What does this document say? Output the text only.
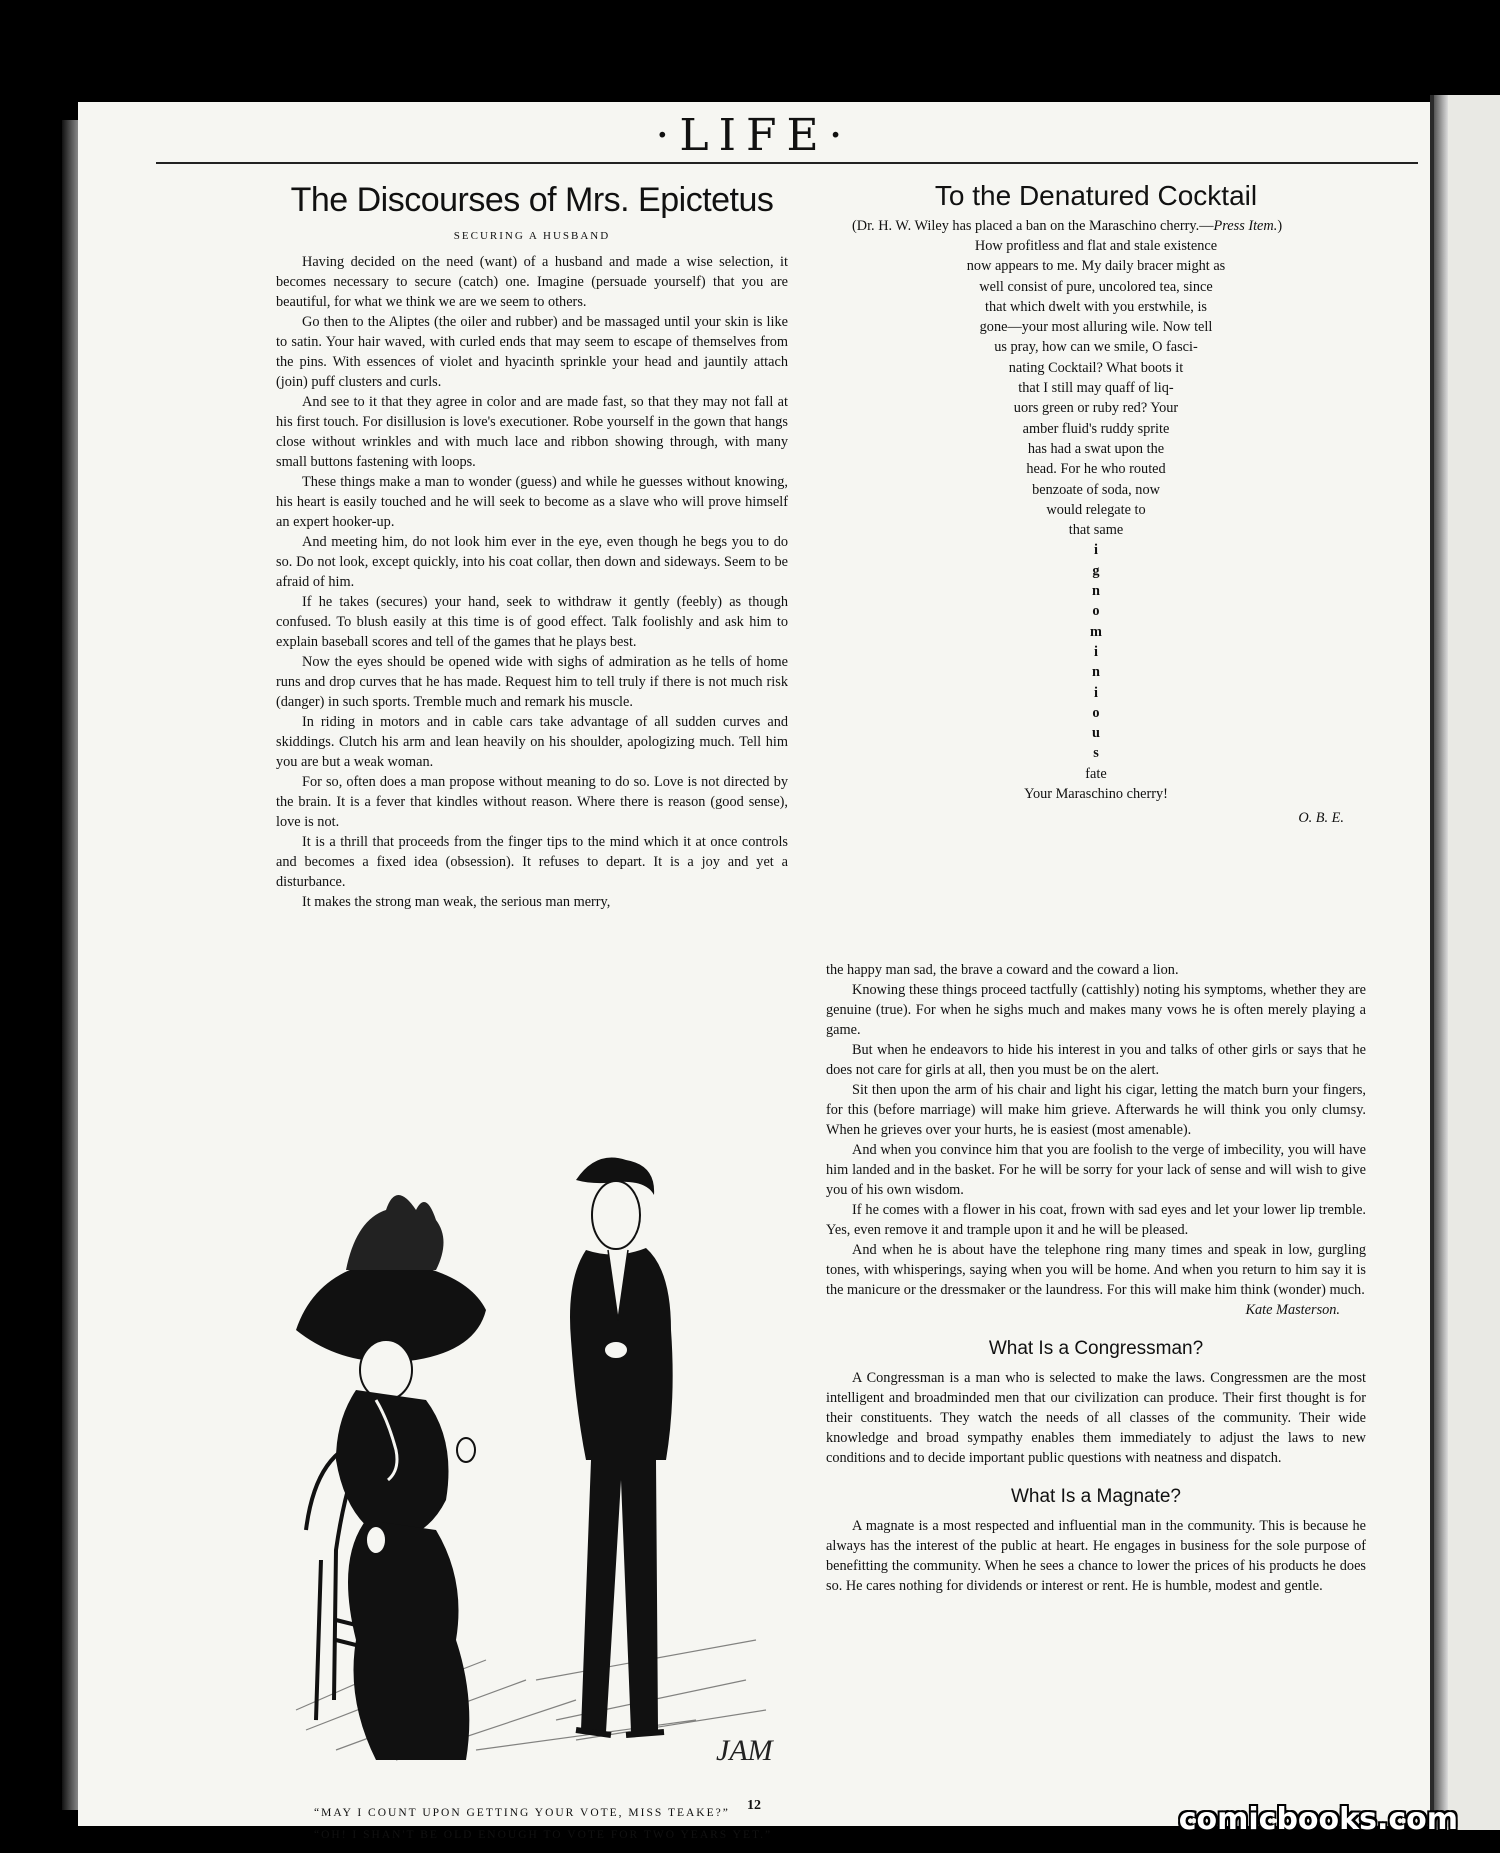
·LIFE·
The Discourses of Mrs. Epictetus
SECURING A HUSBAND

Having decided on the need (want) of a husband and made a wise selection, it becomes necessary to secure (catch) one. Imagine (persuade yourself) that you are beautiful, for what we think we are we seem to others.

Go then to the Aliptes (the oiler and rubber) and be massaged until your skin is like to satin. Your hair waved, with curled ends that may seem to escape of themselves from the pins. With essences of violet and hyacinth sprinkle your head and jauntily attach (join) puff clusters and curls.

And see to it that they agree in color and are made fast, so that they may not fall at his first touch. For disillusion is love's executioner. Robe yourself in the gown that hangs close without wrinkles and with much lace and ribbon showing through, with many small buttons fastening with loops.

These things make a man to wonder (guess) and while he guesses without knowing, his heart is easily touched and he will seek to become as a slave who will prove himself an expert hooker-up.

And meeting him, do not look him ever in the eye, even though he begs you to do so. Do not look, except quickly, into his coat collar, then down and sideways. Seem to be afraid of him.

If he takes (secures) your hand, seek to withdraw it gently (feebly) as though confused. To blush easily at this time is of good effect. Talk foolishly and ask him to explain baseball scores and tell of the games that he plays best.

Now the eyes should be opened wide with sighs of admiration as he tells of home runs and drop curves that he has made. Request him to tell truly if there is not much risk (danger) in such sports. Tremble much and remark his muscle.

In riding in motors and in cable cars take advantage of all sudden curves and skiddings. Clutch his arm and lean heavily on his shoulder, apologizing much. Tell him you are but a weak woman.

For so, often does a man propose without meaning to do so. Love is not directed by the brain. It is a fever that kindles without reason. Where there is reason (good sense), love is not.

It is a thrill that proceeds from the finger tips to the mind which it at once controls and becomes a fixed idea (obsession). It refuses to depart. It is a joy and yet a disturbance.

It makes the strong man weak, the serious man merry,

JAM

“MAY I COUNT UPON GETTING YOUR VOTE, MISS TEAKE?”

“OH! I SHAN'T BE OLD ENOUGH TO VOTE FOR TWO YEARS YET.”

To the Denatured Cocktail

(Dr. H. W. Wiley has placed a ban on the Maraschino cherry.—Press Item.)

How profitless and flat and stale existence
now appears to me. My daily bracer might as
well consist of pure, uncolored tea, since
that which dwelt with you erstwhile, is
gone—your most alluring wile. Now tell
us pray, how can we smile, O fasci-
nating Cocktail? What boots it
that I still may quaff of liq-
uors green or ruby red? Your
amber fluid's ruddy sprite
has had a swat upon the
head. For he who routed
benzoate of soda, now
would relegate to
that same
i
g
n
o
m
i
n
i
o
u
s
fate
Your Maraschino cherry!

O. B. E.

the happy man sad, the brave a coward and the coward a lion.

Knowing these things proceed tactfully (cattishly) noting his symptoms, whether they are genuine (true). For when he sighs much and makes many vows he is often merely playing a game.

But when he endeavors to hide his interest in you and talks of other girls or says that he does not care for girls at all, then you must be on the alert.

Sit then upon the arm of his chair and light his cigar, letting the match burn your fingers, for this (before marriage) will make him grieve. Afterwards he will think you only clumsy. When he grieves over your hurts, he is easiest (most amenable).

And when you convince him that you are foolish to the verge of imbecility, you will have him landed and in the basket. For he will be sorry for your lack of sense and will wish to give you of his own wisdom.

If he comes with a flower in his coat, frown with sad eyes and let your lower lip tremble. Yes, even remove it and trample upon it and he will be pleased.

And when he is about have the telephone ring many times and speak in low, gurgling tones, with whisperings, saying when you will be home. And when you return to him say it is the manicure or the dressmaker or the laundress. For this will make him think (wonder) much.

Kate Masterson.

What Is a Congressman?

A Congressman is a man who is selected to make the laws. Congressmen are the most intelligent and broadminded men that our civilization can produce. Their first thought is for their constituents. They watch the needs of all classes of the community. Their wide knowledge and broad sympathy enables them immediately to adjust the laws to new conditions and to decide important public questions with neatness and dispatch.

What Is a Magnate?

A magnate is a most respected and influential man in the community. This is because he always has the interest of the public at heart. He engages in business for the sole purpose of benefitting the community. When he sees a chance to lower the prices of his products he does so. He cares nothing for dividends or interest or rent. He is humble, modest and gentle.

12	comicbooks.com
